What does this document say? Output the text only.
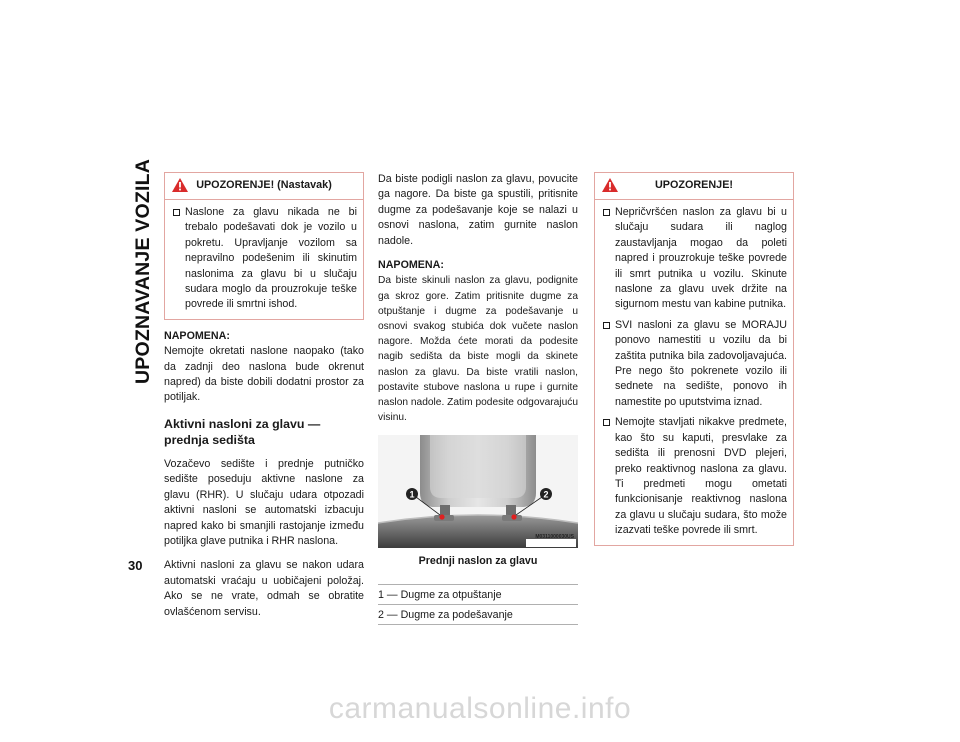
UPOZNAVANJE VOZILA
30
UPOZORENJE! (Nastavak)
Naslone za glavu nikada ne bi trebalo podešavati dok je vozilo u pokretu. Upravljanje vozilom sa nepravilno podešenim ili skinutim naslonima za glavu bi u slučaju sudara moglo da prouzrokuje teške povrede ili smrtni ishod.
NAPOMENA:

Nemojte okretati naslone naopako (tako da zadnji deo naslona bude okrenut napred) da biste dobili dodatni prostor za potiljak.

Aktivni nasloni za glavu — prednja sedišta

Vozačevo sedište i prednje putničko sedište poseduju aktivne naslone za glavu (RHR). U slučaju udara otpozadi aktivni nasloni se automatski izbacuju napred kako bi smanjili rastojanje između potiljka glave putnika i RHR naslona.

Aktivni nasloni za glavu se nakon udara automatski vraćaju u uobičajeni položaj. Ako se ne vrate, odmah se obratite ovlašćenom servisu.

Da biste podigli naslon za glavu, povucite ga nagore. Da biste ga spustili, pritisnite dugme za podešavanje koje se nalazi u osnovi naslona, zatim gurnite naslon nadole.

NAPOMENA:

Da biste skinuli naslon za glavu, podignite ga skroz gore. Zatim pritisnite dugme za otpuštanje i dugme za podešavanje u osnovi svakog stubića dok vučete naslon nagore. Možda ćete morati da podesite nagib sedišta da biste mogli da skinete naslon za glavu. Da biste vratili naslon, postavite stubove naslona u rupe i gurnite naslon nadole. Zatim podesite odgovarajuću visinu.

1	2
M0311000030US
Prednji naslon za glavu
1 — Dugme za otpuštanje
2 — Dugme za podešavanje
UPOZORENJE!
Nepričvršćen naslon za glavu bi u slučaju sudara ili naglog zaustavljanja mogao da poleti napred i prouzrokuje teške povrede ili smrt putnika u vozilu. Skinute naslone za glavu uvek držite na sigurnom mestu van kabine putnika.
SVI nasloni za glavu se MORAJU ponovo namestiti u vozilu da bi zaštita putnika bila zadovoljavajuća. Pre nego što pokrenete vozilo ili sednete na sedište, ponovo ih namestite po uputstvima iznad.
Nemojte stavljati nikakve predmete, kao što su kaputi, presvlake za sedišta ili prenosni DVD plejeri, preko reaktivnog naslona za glavu. Ti predmeti mogu ometati funkcionisanje reaktivnog naslona za glavu u slučaju sudara, što može izazvati teške povrede ili smrt.
carmanualsonline.info
